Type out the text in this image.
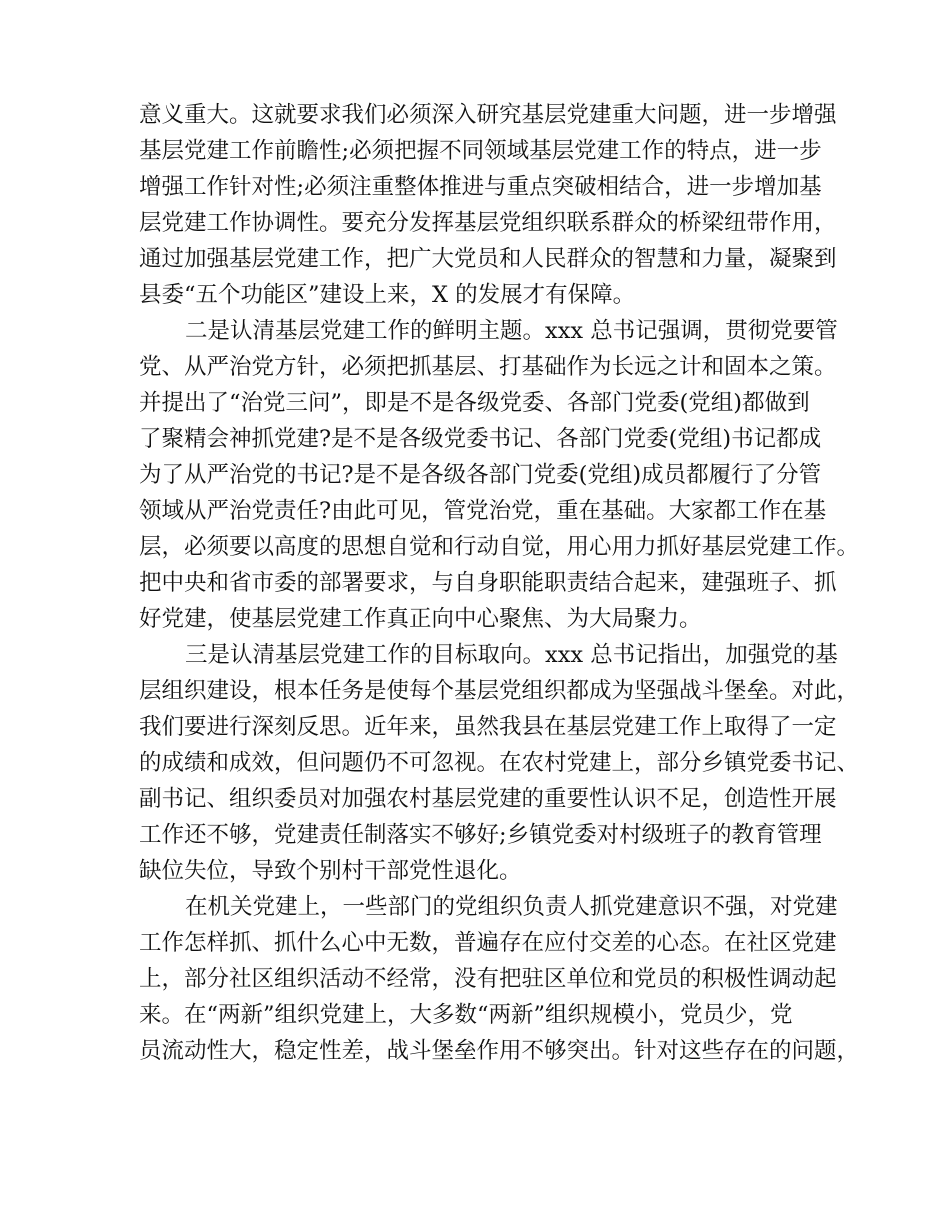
意义重大。这就要求我们必须深入研究基层党建重大问题，进一步增强
基层党建工作前瞻性;必须把握不同领域基层党建工作的特点，进一步
增强工作针对性;必须注重整体推进与重点突破相结合，进一步增加基
层党建工作协调性。要充分发挥基层党组织联系群众的桥梁纽带作用，
通过加强基层党建工作，把广大党员和人民群众的智慧和力量，凝聚到
县委“五个功能区”建设上来，X 的发展才有保障。
二是认清基层党建工作的鲜明主题。xxx 总书记强调，贯彻党要管
党、从严治党方针，必须把抓基层、打基础作为长远之计和固本之策。
并提出了“治党三问”，即是不是各级党委、各部门党委(党组)都做到
了聚精会神抓党建?是不是各级党委书记、各部门党委(党组)书记都成
为了从严治党的书记?是不是各级各部门党委(党组)成员都履行了分管
领域从严治党责任?由此可见，管党治党，重在基础。大家都工作在基
层，必须要以高度的思想自觉和行动自觉，用心用力抓好基层党建工作。
把中央和省市委的部署要求，与自身职能职责结合起来，建强班子、抓
好党建，使基层党建工作真正向中心聚焦、为大局聚力。
三是认清基层党建工作的目标取向。xxx 总书记指出，加强党的基
层组织建设，根本任务是使每个基层党组织都成为坚强战斗堡垒。对此，
我们要进行深刻反思。近年来，虽然我县在基层党建工作上取得了一定
的成绩和成效，但问题仍不可忽视。在农村党建上，部分乡镇党委书记、
副书记、组织委员对加强农村基层党建的重要性认识不足，创造性开展
工作还不够，党建责任制落实不够好;乡镇党委对村级班子的教育管理
缺位失位，导致个别村干部党性退化。
在机关党建上，一些部门的党组织负责人抓党建意识不强，对党建
工作怎样抓、抓什么心中无数，普遍存在应付交差的心态。在社区党建
上，部分社区组织活动不经常，没有把驻区单位和党员的积极性调动起
来。在“两新”组织党建上，大多数“两新”组织规模小，党员少，党
员流动性大，稳定性差，战斗堡垒作用不够突出。针对这些存在的问题，
